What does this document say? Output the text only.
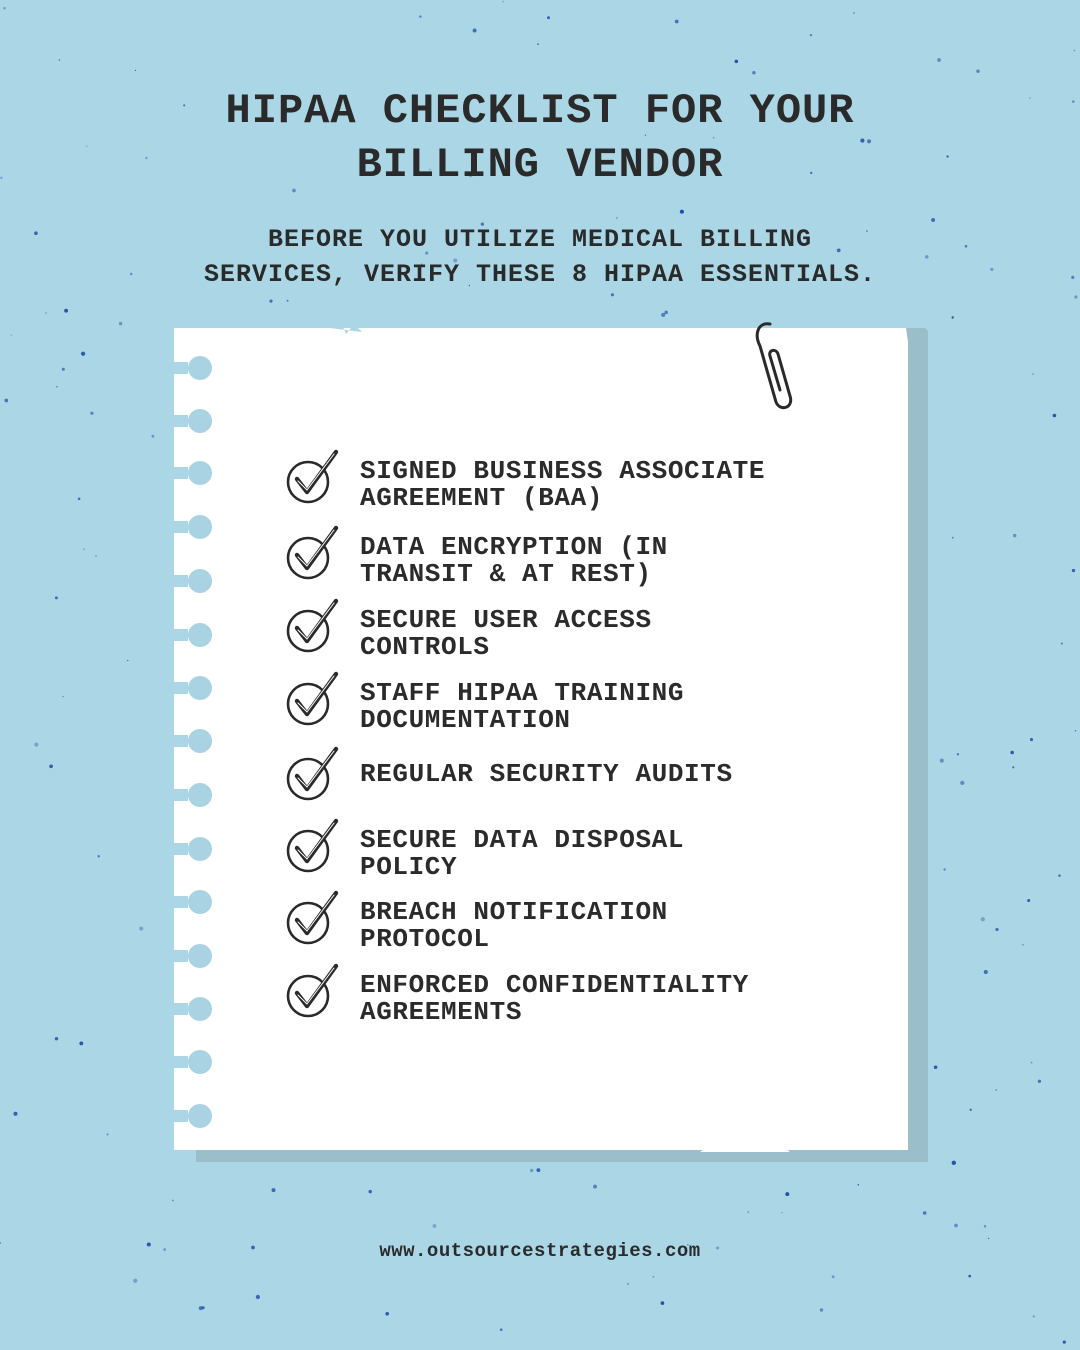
HIPAA CHECKLIST FOR YOUR
BILLING VENDOR

BEFORE YOU UTILIZE MEDICAL BILLING
SERVICES, VERIFY THESE 8 HIPAA ESSENTIALS.

SIGNED BUSINESS ASSOCIATE
AGREEMENT (BAA)
DATA ENCRYPTION (IN
TRANSIT & AT REST)
SECURE USER ACCESS
CONTROLS
STAFF HIPAA TRAINING
DOCUMENTATION
REGULAR SECURITY AUDITS
SECURE DATA DISPOSAL
POLICY
BREACH NOTIFICATION
PROTOCOL
ENFORCED CONFIDENTIALITY
AGREEMENTS
www.outsourcestrategies.com
